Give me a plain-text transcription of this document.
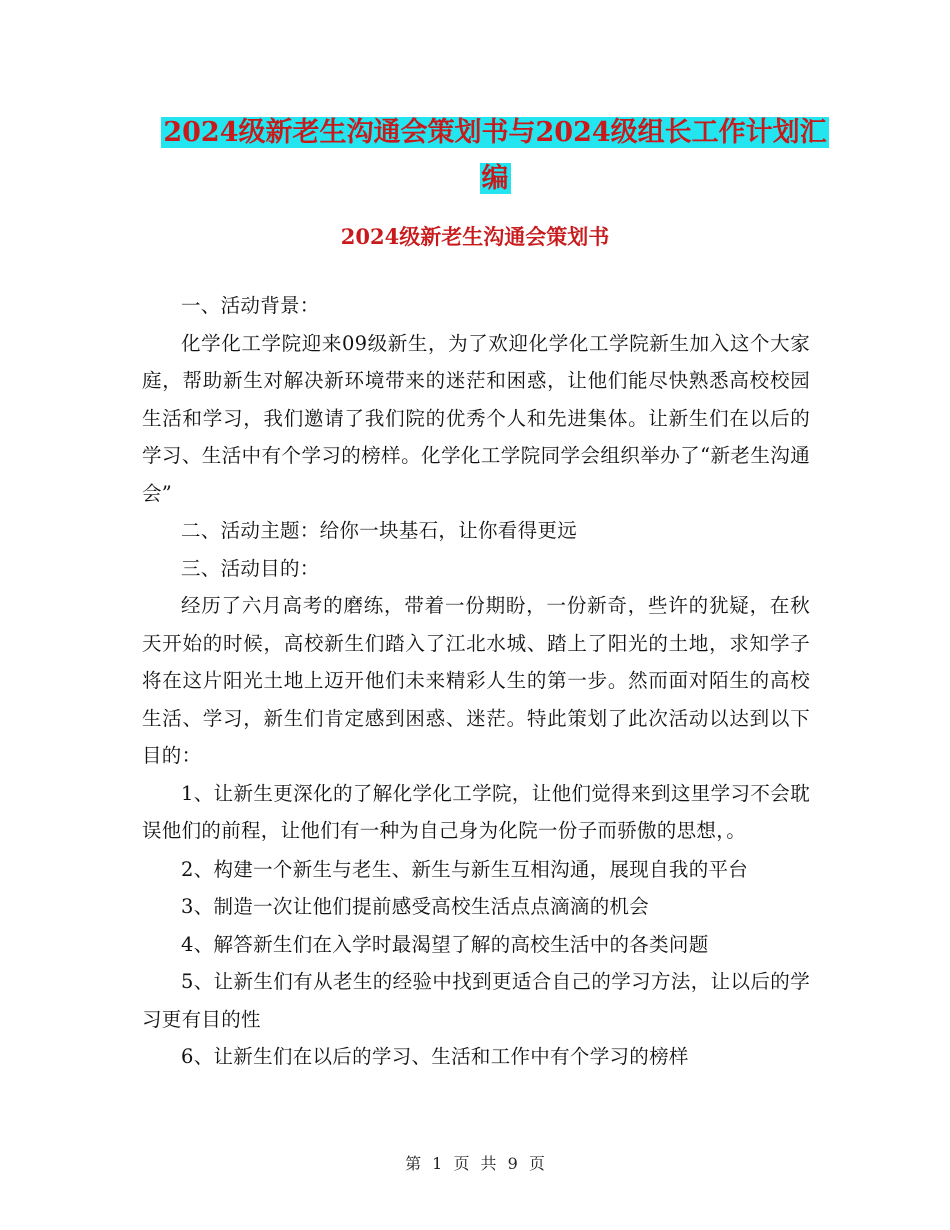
2024级新老生沟通会策划书与2024级组长工作计划汇
编
2024级新老生沟通会策划书

一、活动背景：

化学化工学院迎来09级新生，为了欢迎化学化工学院新生加入这个大家庭，帮助新生对解决新环境带来的迷茫和困惑，让他们能尽快熟悉高校校园生活和学习，我们邀请了我们院的优秀个人和先进集体。让新生们在以后的学习、生活中有个学习的榜样。化学化工学院同学会组织举办了“新老生沟通会”

二、活动主题：给你一块基石，让你看得更远

三、活动目的：

经历了六月高考的磨练，带着一份期盼，一份新奇，些许的犹疑，在秋天开始的时候，高校新生们踏入了江北水城、踏上了阳光的土地，求知学子将在这片阳光土地上迈开他们未来精彩人生的第一步。然而面对陌生的高校生活、学习，新生们肯定感到困惑、迷茫。特此策划了此次活动以达到以下目的：

1、让新生更深化的了解化学化工学院，让他们觉得来到这里学习不会耽误他们的前程，让他们有一种为自己身为化院一份子而骄傲的思想，。

2、构建一个新生与老生、新生与新生互相沟通，展现自我的平台

3、制造一次让他们提前感受高校生活点点滴滴的机会

4、解答新生们在入学时最渴望了解的高校生活中的各类问题

5、让新生们有从老生的经验中找到更适合自己的学习方法，让以后的学习更有目的性

6、让新生们在以后的学习、生活和工作中有个学习的榜样

第 1 页 共 9 页
